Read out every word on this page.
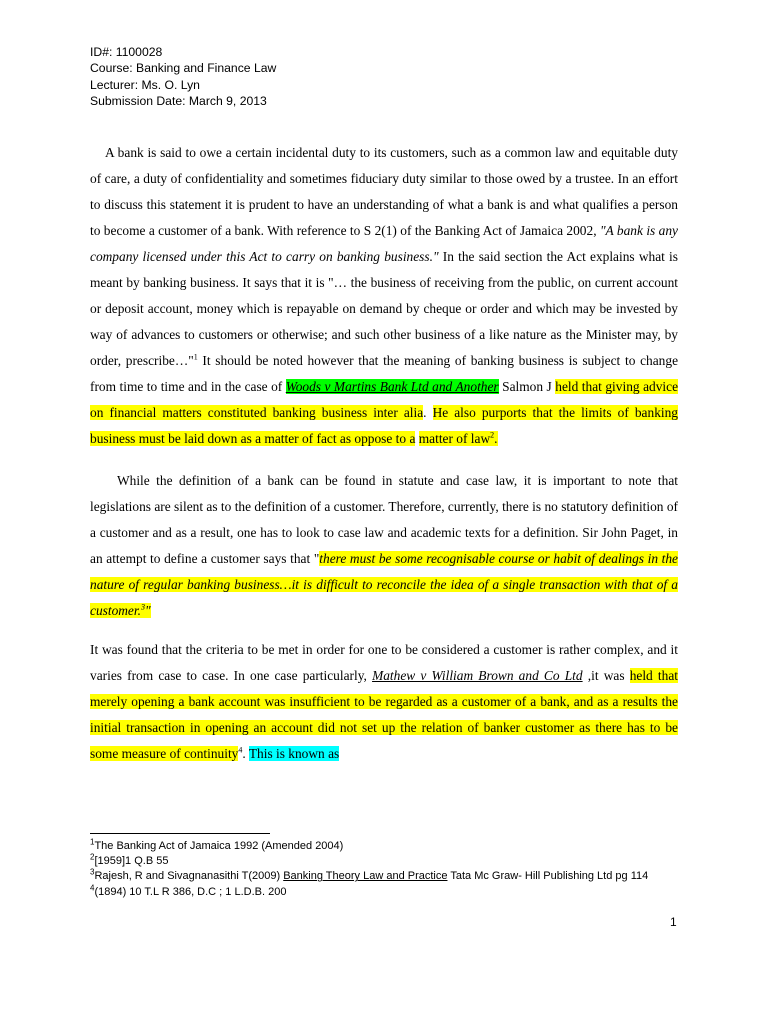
ID#: 1100028
Course: Banking and Finance Law
Lecturer: Ms. O. Lyn
Submission Date: March 9, 2013

A bank is said to owe a certain incidental duty to its customers, such as a common law and equitable duty of care, a duty of confidentiality and sometimes fiduciary duty similar to those owed by a trustee. In an effort to discuss this statement it is prudent to have an understanding of what a bank is and what qualifies a person to become a customer of a bank. With reference to S 2(1) of the Banking Act of Jamaica 2002, "A bank is any company licensed under this Act to carry on banking business." In the said section the Act explains what is meant by banking business. It says that it is "… the business of receiving from the public, on current account or deposit account, money which is repayable on demand by cheque or order and which may be invested by way of advances to customers or otherwise; and such other business of a like nature as the Minister may, by order, prescribe…"$^1$ It should be noted however that the meaning of banking business is subject to change from time to time and in the case of Woods v Martins Bank Ltd and Another Salmon J held that giving advice on financial matters constituted banking business inter alia. He also purports that the limits of banking business must be laid down as a matter of fact as oppose to a matter of law$^2$.

While the definition of a bank can be found in statute and case law, it is important to note that legislations are silent as to the definition of a customer. Therefore, currently, there is no statutory definition of a customer and as a result, one has to look to case law and academic texts for a definition. Sir John Paget, in an attempt to define a customer says that "there must be some recognisable course or habit of dealings in the nature of regular banking business…it is difficult to reconcile the idea of a single transaction with that of a customer.$^3$"

It was found that the criteria to be met in order for one to be considered a customer is rather complex, and it varies from case to case. In one case particularly, Mathew v William Brown and Co Ltd ,it was held that merely opening a bank account was insufficient to be regarded as a customer of a bank, and as a results the initial transaction in opening an account did not set up the relation of banker customer as there has to be some measure of continuity$^4$. This is known as

$^1$The Banking Act of Jamaica 1992 (Amended 2004)
$^2$[1959]1 Q.B 55
$^3$Rajesh, R and Sivagnanasithi T(2009) Banking Theory Law and Practice Tata Mc Graw- Hill Publishing Ltd pg 114
$^4$(1894) 10 T.L R 386, D.C ; 1 L.D.B. 200
1
